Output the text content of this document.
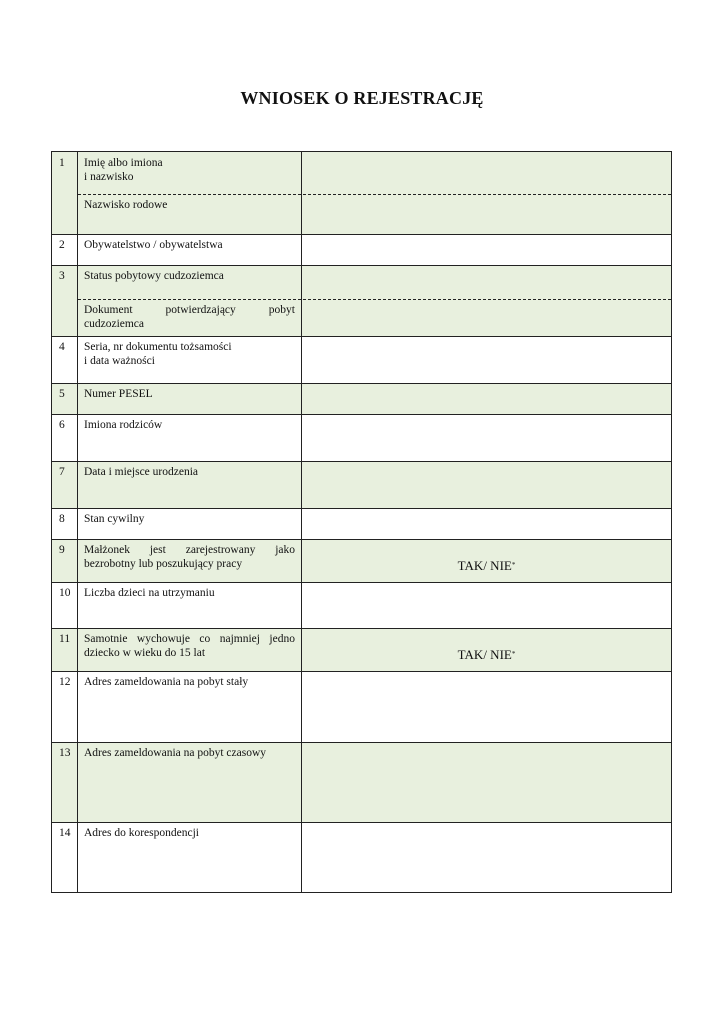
WNIOSEK O REJESTRACJĘ
1	Imię albo imiona
i nazwisko
Nazwisko rodowe
2	Obywatelstwo / obywatelstwa
3	Status pobytowy cudzoziemca
Dokument potwierdzający pobyt
cudzoziemca
4	Seria, nr dokumentu tożsamości
i data ważności
5	Numer PESEL
6	Imiona rodziców
7	Data i miejsce urodzenia
8	Stan cywilny
9	Małżonek jest zarejestrowany jako
bezrobotny lub poszukujący pracy	TAK/ NIE*
10	Liczba dzieci na utrzymaniu
11	Samotnie wychowuje co najmniej jedno
dziecko w wieku do 15 lat	TAK/ NIE*
12	Adres zameldowania na pobyt stały
13	Adres zameldowania na pobyt czasowy
14	Adres do korespondencji
